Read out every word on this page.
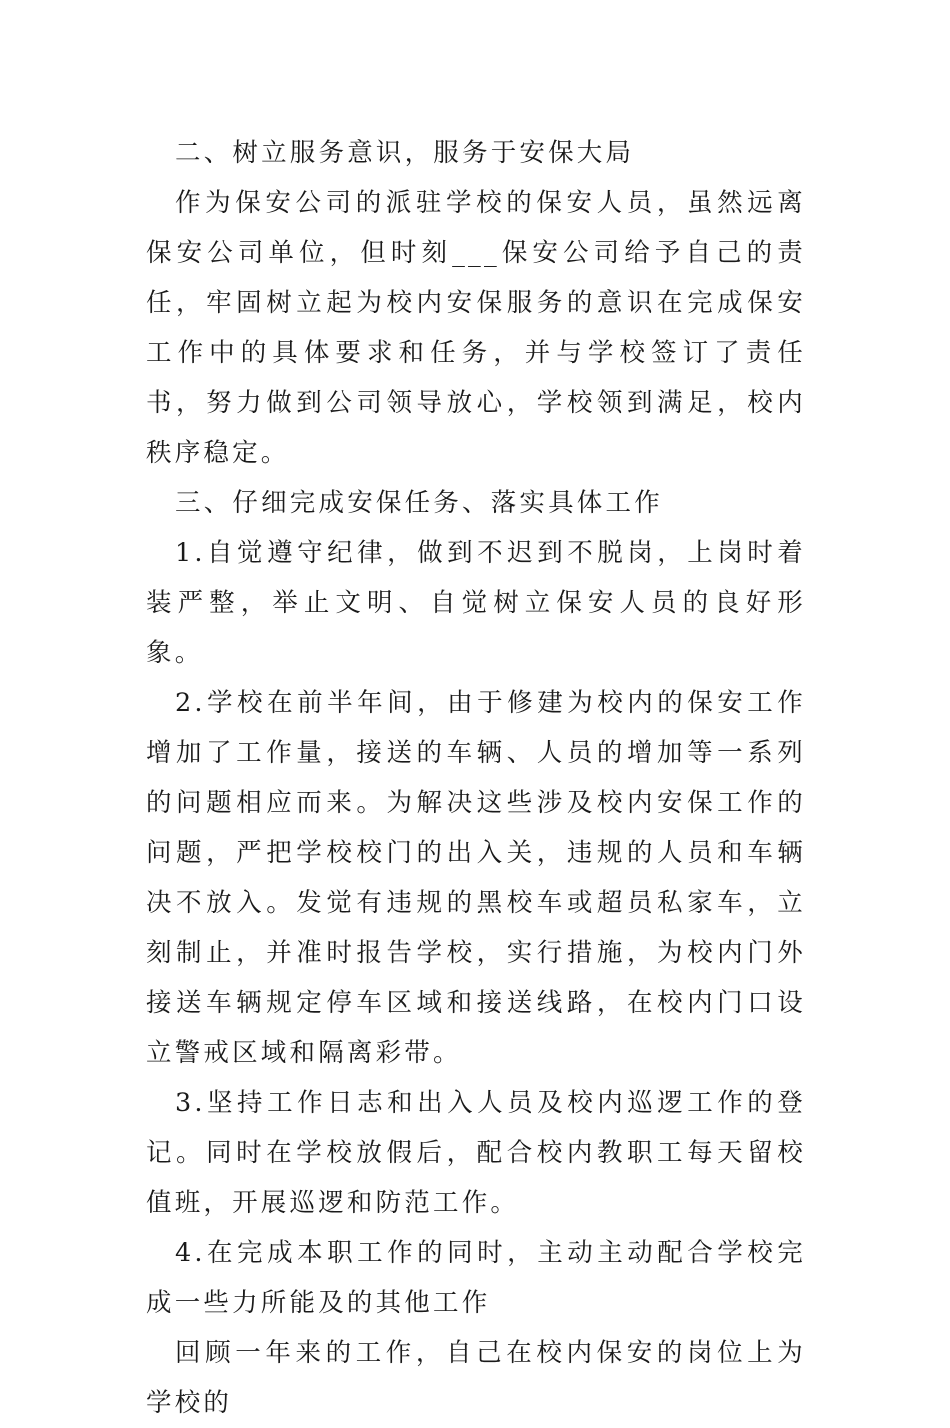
二、树立服务意识，服务于安保大局

作为保安公司的派驻学校的保安人员，虽然远离保安公司单位，但时刻___保安公司给予自己的责任，牢固树立起为校内安保服务的意识在完成保安工作中的具体要求和任务，并与学校签订了责任书，努力做到公司领导放心，学校领到满足，校内秩序稳定。

三、仔细完成安保任务、落实具体工作

1.自觉遵守纪律，做到不迟到不脱岗，上岗时着装严整，举止文明、自觉树立保安人员的良好形象。

2.学校在前半年间，由于修建为校内的保安工作增加了工作量，接送的车辆、人员的增加等一系列的问题相应而来。为解决这些涉及校内安保工作的问题，严把学校校门的出入关，违规的人员和车辆决不放入。发觉有违规的黑校车或超员私家车，立刻制止，并准时报告学校，实行措施，为校内门外接送车辆规定停车区域和接送线路，在校内门口设立警戒区域和隔离彩带。

3.坚持工作日志和出入人员及校内巡逻工作的登记。同时在学校放假后，配合校内教职工每天留校值班，开展巡逻和防范工作。

4.在完成本职工作的同时，主动主动配合学校完成一些力所能及的其他工作

回顾一年来的工作，自己在校内保安的岗位上为学校的
